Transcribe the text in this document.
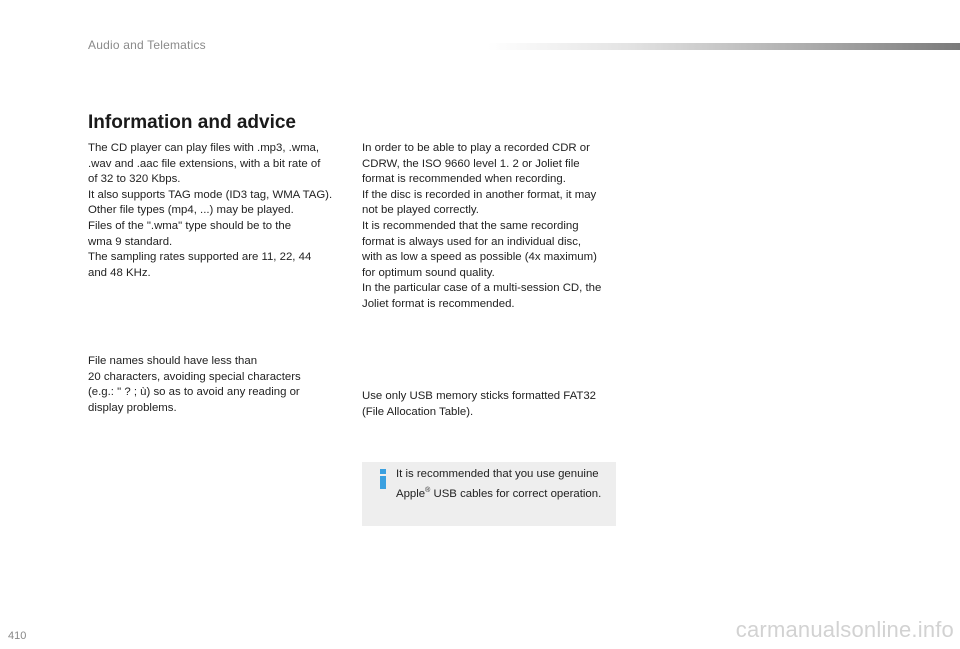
Audio and Telematics
Information and advice

The CD player can play files with .mp3, .wma,
.wav and .aac file extensions, with a bit rate of
of 32 to 320 Kbps.
It also supports TAG mode (ID3 tag, WMA TAG).
Other file types (mp4, ...) may be played.
Files of the ".wma" type should be to the
wma 9 standard.
The sampling rates supported are 11, 22, 44
and 48 KHz.

In order to be able to play a recorded CDR or
CDRW, the ISO 9660 level 1. 2 or Joliet file
format is recommended when recording.
If the disc is recorded in another format, it may
not be played correctly.
It is recommended that the same recording
format is always used for an individual disc,
with as low a speed as possible (4x maximum)
for optimum sound quality.
In the particular case of a multi-session CD, the
Joliet format is recommended.

File names should have less than
20 characters, avoiding special characters
(e.g.: " ? ; ù) so as to avoid any reading or
display problems.

Use only USB memory sticks formatted FAT32
(File Allocation Table).

It is recommended that you use genuine Apple® USB cables for correct operation.

410	carmanualsonline.info
